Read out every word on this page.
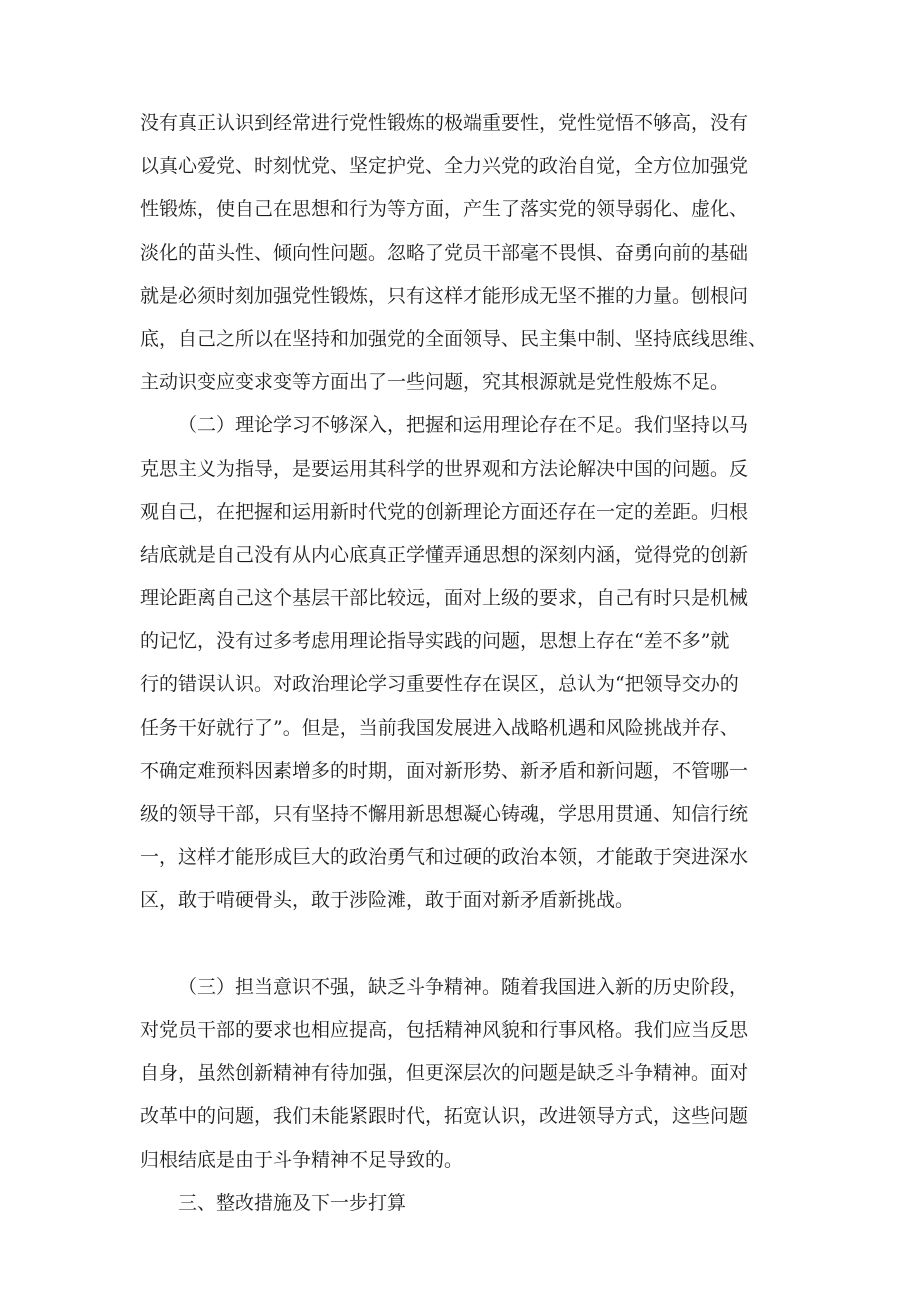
没有真正认识到经常进行党性锻炼的极端重要性，党性觉悟不够高，没有
以真心爱党、时刻忧党、坚定护党、全力兴党的政治自觉，全方位加强党
性锻炼，使自己在思想和行为等方面，产生了落实党的领导弱化、虚化、
淡化的苗头性、倾向性问题。忽略了党员干部毫不畏惧、奋勇向前的基础
就是必须时刻加强党性锻炼，只有这样才能形成无坚不摧的力量。刨根问
底，自己之所以在坚持和加强党的全面领导、民主集中制、坚持底线思维、
主动识变应变求变等方面出了一些问题，究其根源就是党性般炼不足。
（二）理论学习不够深入，把握和运用理论存在不足。我们坚持以马
克思主义为指导，是要运用其科学的世界观和方法论解决中国的问题。反
观自己，在把握和运用新时代党的创新理论方面还存在一定的差距。归根
结底就是自己没有从内心底真正学懂弄通思想的深刻内涵，觉得党的创新
理论距离自己这个基层干部比较远，面对上级的要求，自己有时只是机械
的记忆，没有过多考虑用理论指导实践的问题，思想上存在“差不多”就
行的错误认识。对政治理论学习重要性存在误区，总认为“把领导交办的
任务干好就行了”。但是，当前我国发展进入战略机遇和风险挑战并存、
不确定难预料因素增多的时期，面对新形势、新矛盾和新问题，不管哪一
级的领导干部，只有坚持不懈用新思想凝心铸魂，学思用贯通、知信行统
一，这样才能形成巨大的政治勇气和过硬的政治本领，才能敢于突进深水
区，敢于啃硬骨头，敢于涉险滩，敢于面对新矛盾新挑战。
（三）担当意识不强，缺乏斗争精神。随着我国进入新的历史阶段，
对党员干部的要求也相应提高，包括精神风貌和行事风格。我们应当反思
自身，虽然创新精神有待加强，但更深层次的问题是缺乏斗争精神。面对
改革中的问题，我们未能紧跟时代，拓宽认识，改进领导方式，这些问题
归根结底是由于斗争精神不足导致的。
三、整改措施及下一步打算
